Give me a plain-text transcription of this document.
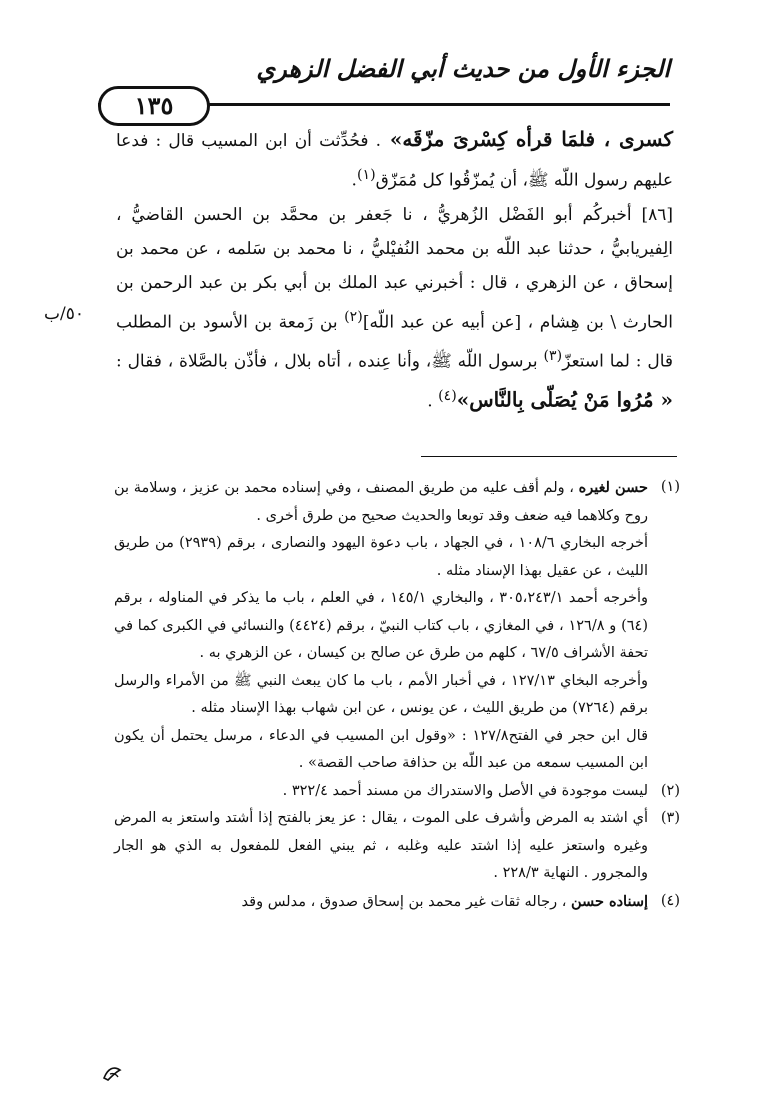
الجزء الأول من حديث أبي الفضل الزهري
١٣٥

كسرى ، فلمَا قرأه كِسْرىَ مزّقَه» . فحُدِّثت أن ابن المسيب قال : فدعا عليهم رسول اللّه ﷺ، أن يُمزّقُوا كل مُمَزّق$^{(١)}$.

[٨٦] أخبركُم أبو الفَضْل الزُهريُّ ، نا جَعفر بن محمَّد بن الحسن القاضيُّ ، الِفيريابيُّ ، حدثنا عبد اللّه بن محمد النُفيْليُّ ، نا محمد بن سَلمه ، عن محمد بن إسحاق ، عن الزهري ، قال : أخبرني عبد الملك بن أبي بكر بن عبد الرحمن بن الحارث \ بن هِشام ، [عن أبيه عن عبد اللّه]$^{(٢)}$ بن زَمعة بن الأسود بن المطلب قال : لما استعزّ$^{(٣)}$ برسول اللّه ﷺ، وأنا عِنده ، أتاه بلال ، فأذّن بالصَّلاة ، فقال : « مُرُوا مَنْ يُصَلّى بِالنَّاس»$^{(٤)}$ .

٥٠/ب
(١)

حسن لغيره ، ولم أقف عليه من طريق المصنف ، وفي إسناده محمد بن عزيز ، وسلامة بن روح وكلاهما فيه ضعف وقد توبعا والحديث صحيح من طرق أخرى .

أخرجه البخاري ١٠٨/٦ ، في الجهاد ، باب دعوة اليهود والنصارى ، برقم (٢٩٣٩) من طريق الليث ، عن عقيل بهذا الإسناد مثله .

وأخرجه أحمد ٣٠٥،٢٤٣/١ ، والبخاري ١٤٥/١ ، في العلم ، باب ما يذكر في المناوله ، برقم (٦٤) و ١٢٦/٨ ، في المغازي ، باب كتاب النبيّ ، برقم (٤٤٢٤) والنسائي في الكبرى كما في تحفة الأشراف ٦٧/٥ ، كلهم من طرق عن صالح بن كيسان ، عن الزهري به .

وأخرجه البخاي ١٢٧/١٣ ، في أخبار الأمم ، باب ما كان يبعث النبي ﷺ من الأمراء والرسل برقم (٧٢٦٤) من طريق الليث ، عن يونس ، عن ابن شهاب بهذا الإسناد مثله .

قال ابن حجر في الفتح١٢٧/٨ : «وقول ابن المسيب في الدعاء ، مرسل يحتمل أن يكون ابن المسيب سمعه من عبد اللّه بن حذافة صاحب القصة» .

(٢)

ليست موجودة في الأصل والاستدراك من مسند أحمد ٣٢٢/٤ .

(٣)

أي اشتد به المرض وأشرف على الموت ، يقال : عز يعز بالفتح إذا أشتد واستعز به المرض وغيره واستعز عليه إذا اشتد عليه وغلبه ، ثم يبني الفعل للمفعول به الذي هو الجار والمجرور . النهاية ٢٢٨/٣ .

(٤)

إسناده حسن ، رجاله ثقات غير محمد بن إسحاق صدوق ، مدلس وقد
